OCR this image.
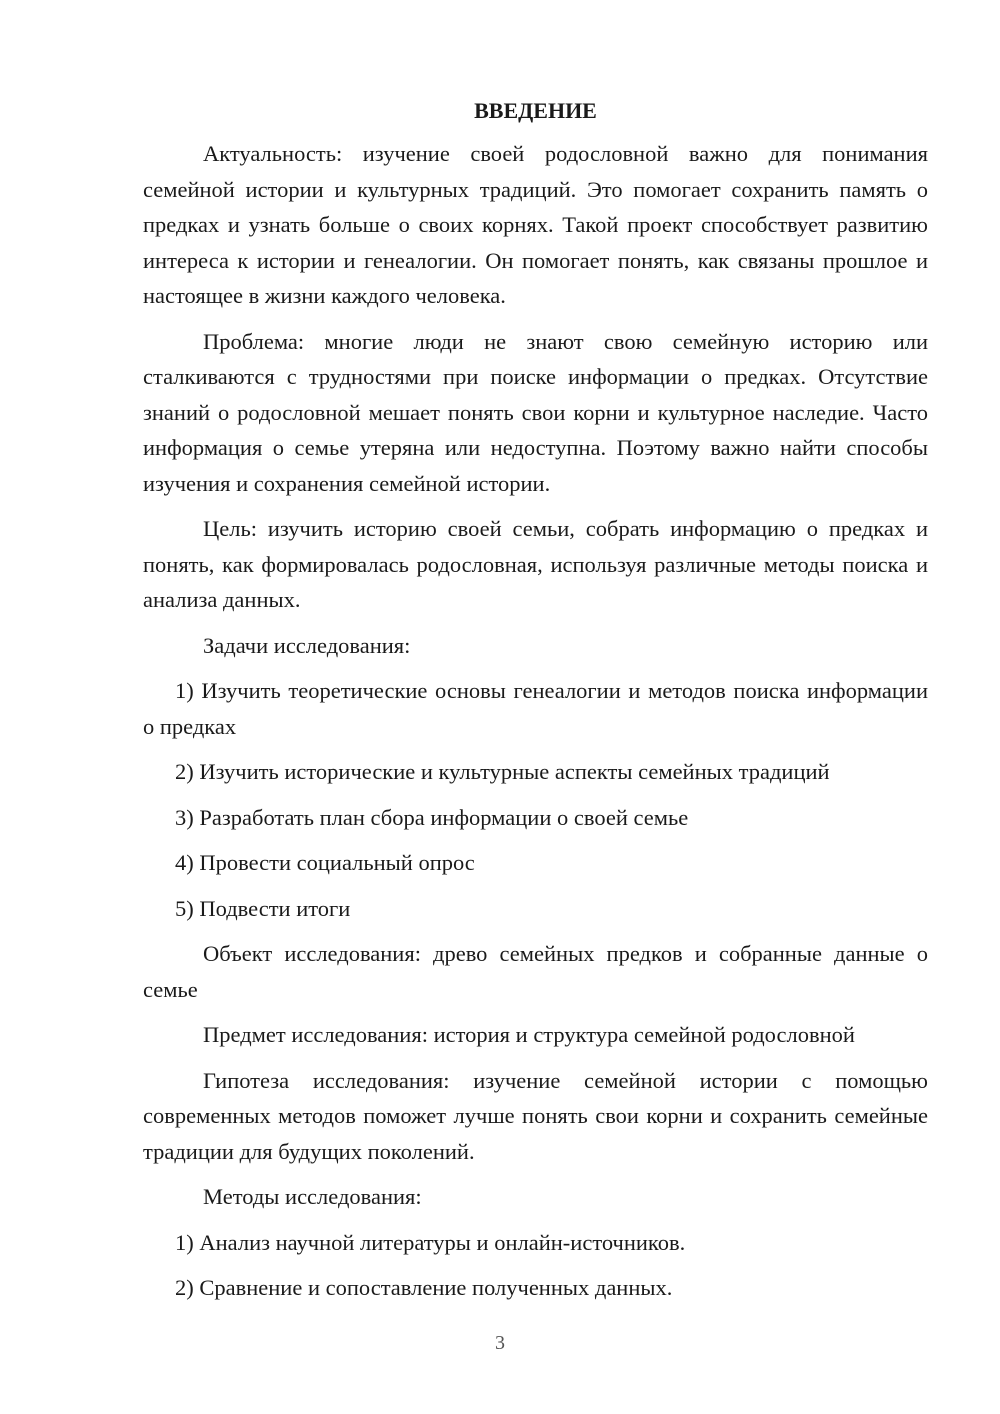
ВВЕДЕНИЕ
Актуальность: изучение своей родословной важно для понимания семейной истории и культурных традиций. Это помогает сохранить память о предках и узнать больше о своих корнях. Такой проект способствует развитию интереса к истории и генеалогии. Он помогает понять, как связаны прошлое и настоящее в жизни каждого человека.
Проблема: многие люди не знают свою семейную историю или сталкиваются с трудностями при поиске информации о предках. Отсутствие знаний о родословной мешает понять свои корни и культурное наследие. Часто информация о семье утеряна или недоступна. Поэтому важно найти способы изучения и сохранения семейной истории.
Цель: изучить историю своей семьи, собрать информацию о предках и понять, как формировалась родословная, используя различные методы поиска и анализа данных.
Задачи исследования:
1) Изучить теоретические основы генеалогии и методов поиска информации о предках
2) Изучить исторические и культурные аспекты семейных традиций
3) Разработать план сбора информации о своей семье
4) Провести социальный опрос
5) Подвести итоги
Объект исследования: древо семейных предков и собранные данные о семье
Предмет исследования: история и структура семейной родословной
Гипотеза исследования: изучение семейной истории с помощью современных методов поможет лучше понять свои корни и сохранить семейные традиции для будущих поколений.
Методы исследования:
1) Анализ научной литературы и онлайн-источников.
2) Сравнение и сопоставление полученных данных.
3
